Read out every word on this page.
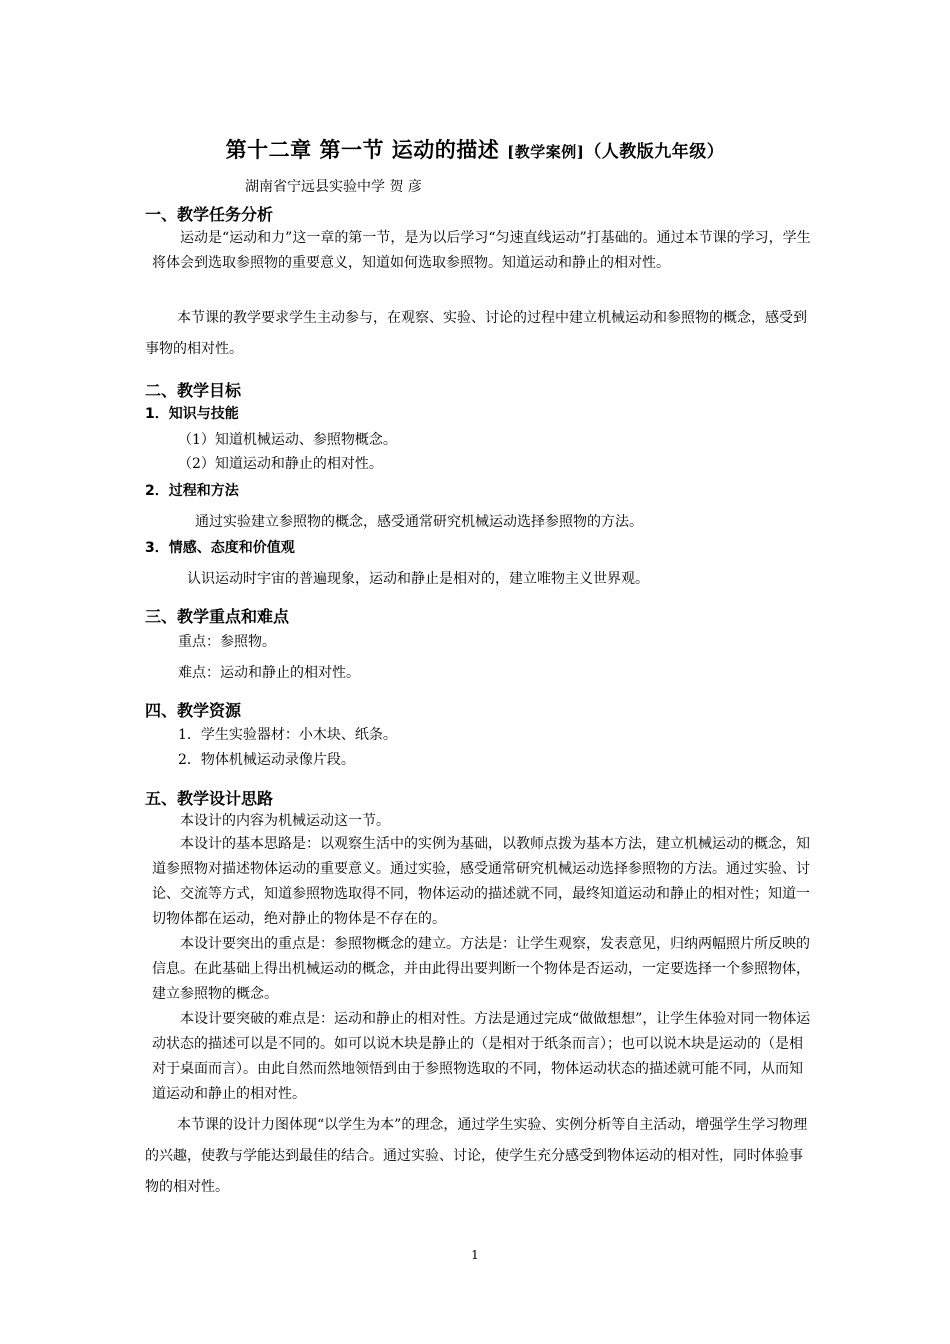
第十二章 第一节 运动的描述 [教学案例]（人教版九年级）
湖南省宁远县实验中学 贺 彦
一、教学任务分析
运动是“运动和力”这一章的第一节，是为以后学习“匀速直线运动”打基础的。通过本节课的学习，学生将体会到选取参照物的重要意义，知道如何选取参照物。知道运动和静止的相对性。
本节课的教学要求学生主动参与，在观察、实验、讨论的过程中建立机械运动和参照物的概念，感受到事物的相对性。
二、教学目标
1．知识与技能
（1）知道机械运动、参照物概念。
（2）知道运动和静止的相对性。
2．过程和方法
通过实验建立参照物的概念，感受通常研究机械运动选择参照物的方法。
3．情感、态度和价值观
认识运动时宇宙的普遍现象，运动和静止是相对的，建立唯物主义世界观。
三、教学重点和难点
重点：参照物。
难点：运动和静止的相对性。
四、教学资源
1．学生实验器材：小木块、纸条。
2．物体机械运动录像片段。
五、教学设计思路
本设计的内容为机械运动这一节。
本设计的基本思路是：以观察生活中的实例为基础，以教师点拨为基本方法，建立机械运动的概念，知道参照物对描述物体运动的重要意义。通过实验，感受通常研究机械运动选择参照物的方法。通过实验、讨论、交流等方式，知道参照物选取得不同，物体运动的描述就不同，最终知道运动和静止的相对性；知道一切物体都在运动，绝对静止的物体是不存在的。
本设计要突出的重点是：参照物概念的建立。方法是：让学生观察，发表意见，归纳两幅照片所反映的信息。在此基础上得出机械运动的概念，并由此得出要判断一个物体是否运动，一定要选择一个参照物体，建立参照物的概念。
本设计要突破的难点是：运动和静止的相对性。方法是通过完成“做做想想”，让学生体验对同一物体运动状态的描述可以是不同的。如可以说木块是静止的（是相对于纸条而言）；也可以说木块是运动的（是相对于桌面而言）。由此自然而然地领悟到由于参照物选取的不同，物体运动状态的描述就可能不同，从而知道运动和静止的相对性。
本节课的设计力图体现“以学生为本”的理念，通过学生实验、实例分析等自主活动，增强学生学习物理的兴趣，使教与学能达到最佳的结合。通过实验、讨论，使学生充分感受到物体运动的相对性，同时体验事物的相对性。
1
